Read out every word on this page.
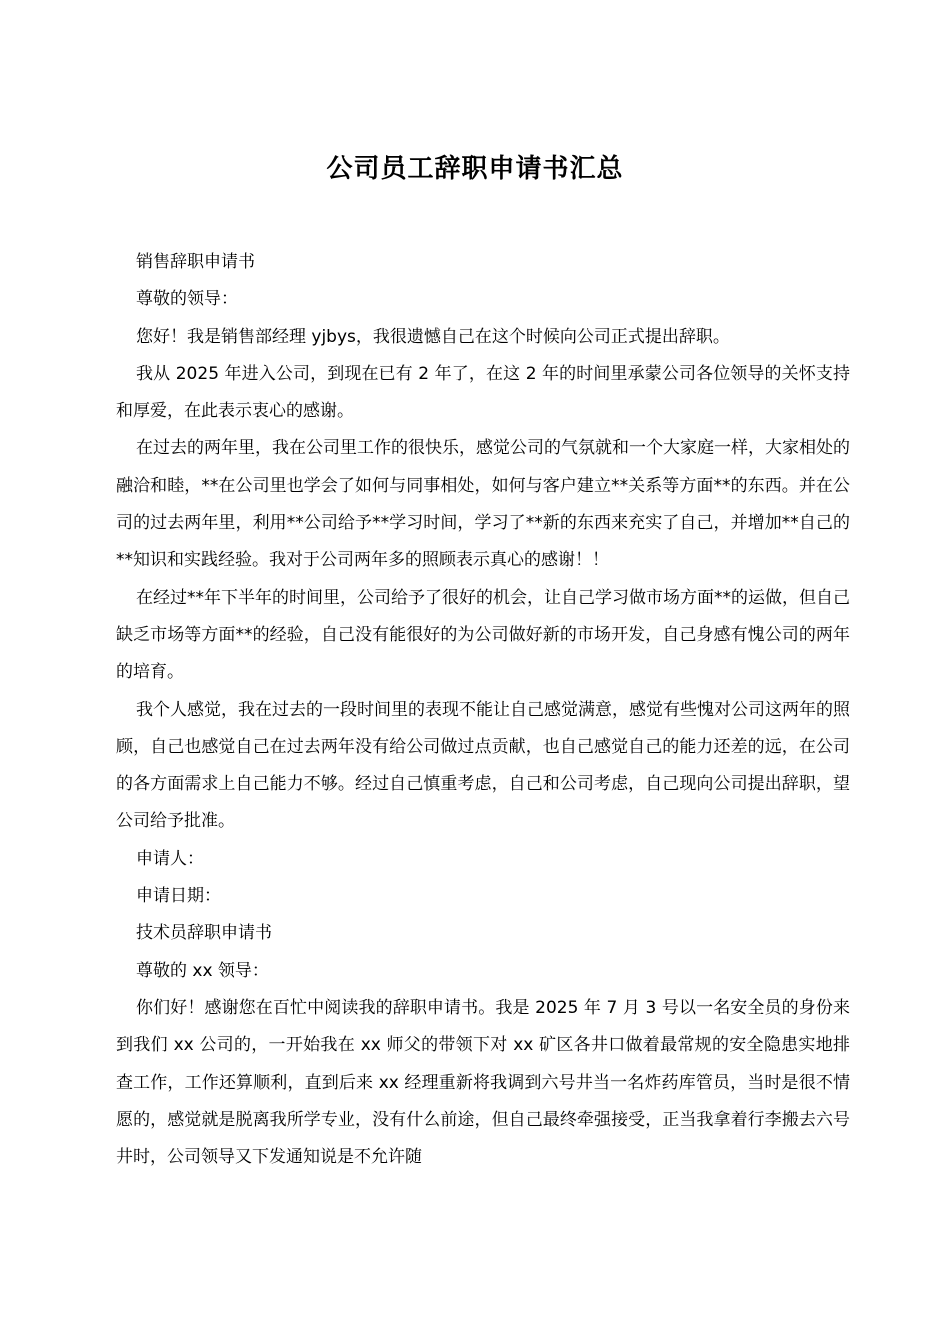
公司员工辞职申请书汇总

销售辞职申请书

尊敬的领导：

您好！我是销售部经理 yjbys，我很遗憾自己在这个时候向公司正式提出辞职。

我从 2025 年进入公司，到现在已有 2 年了，在这 2 年的时间里承蒙公司各位领导的关怀支持和厚爱，在此表示衷心的感谢。

在过去的两年里，我在公司里工作的很快乐，感觉公司的气氛就和一个大家庭一样，大家相处的融洽和睦，**在公司里也学会了如何与同事相处，如何与客户建立**关系等方面**的东西。并在公司的过去两年里，利用**公司给予**学习时间，学习了**新的东西来充实了自己，并增加**自己的**知识和实践经验。我对于公司两年多的照顾表示真心的感谢！！

在经过**年下半年的时间里，公司给予了很好的机会，让自己学习做市场方面**的运做，但自己缺乏市场等方面**的经验，自己没有能很好的为公司做好新的市场开发，自己身感有愧公司的两年的培育。

我个人感觉，我在过去的一段时间里的表现不能让自己感觉满意，感觉有些愧对公司这两年的照顾，自己也感觉自己在过去两年没有给公司做过点贡献，也自己感觉自己的能力还差的远，在公司的各方面需求上自己能力不够。经过自己慎重考虑，自己和公司考虑，自己现向公司提出辞职，望公司给予批准。

申请人：

申请日期：

技术员辞职申请书

尊敬的 xx 领导：

你们好！感谢您在百忙中阅读我的辞职申请书。我是 2025 年 7 月 3 号以一名安全员的身份来到我们 xx 公司的，一开始我在 xx 师父的带领下对 xx 矿区各井口做着最常规的安全隐患实地排查工作，工作还算顺利，直到后来 xx 经理重新将我调到六号井当一名炸药库管员，当时是很不情愿的，感觉就是脱离我所学专业，没有什么前途，但自己最终牵强接受，正当我拿着行李搬去六号井时，公司领导又下发通知说是不允许随
